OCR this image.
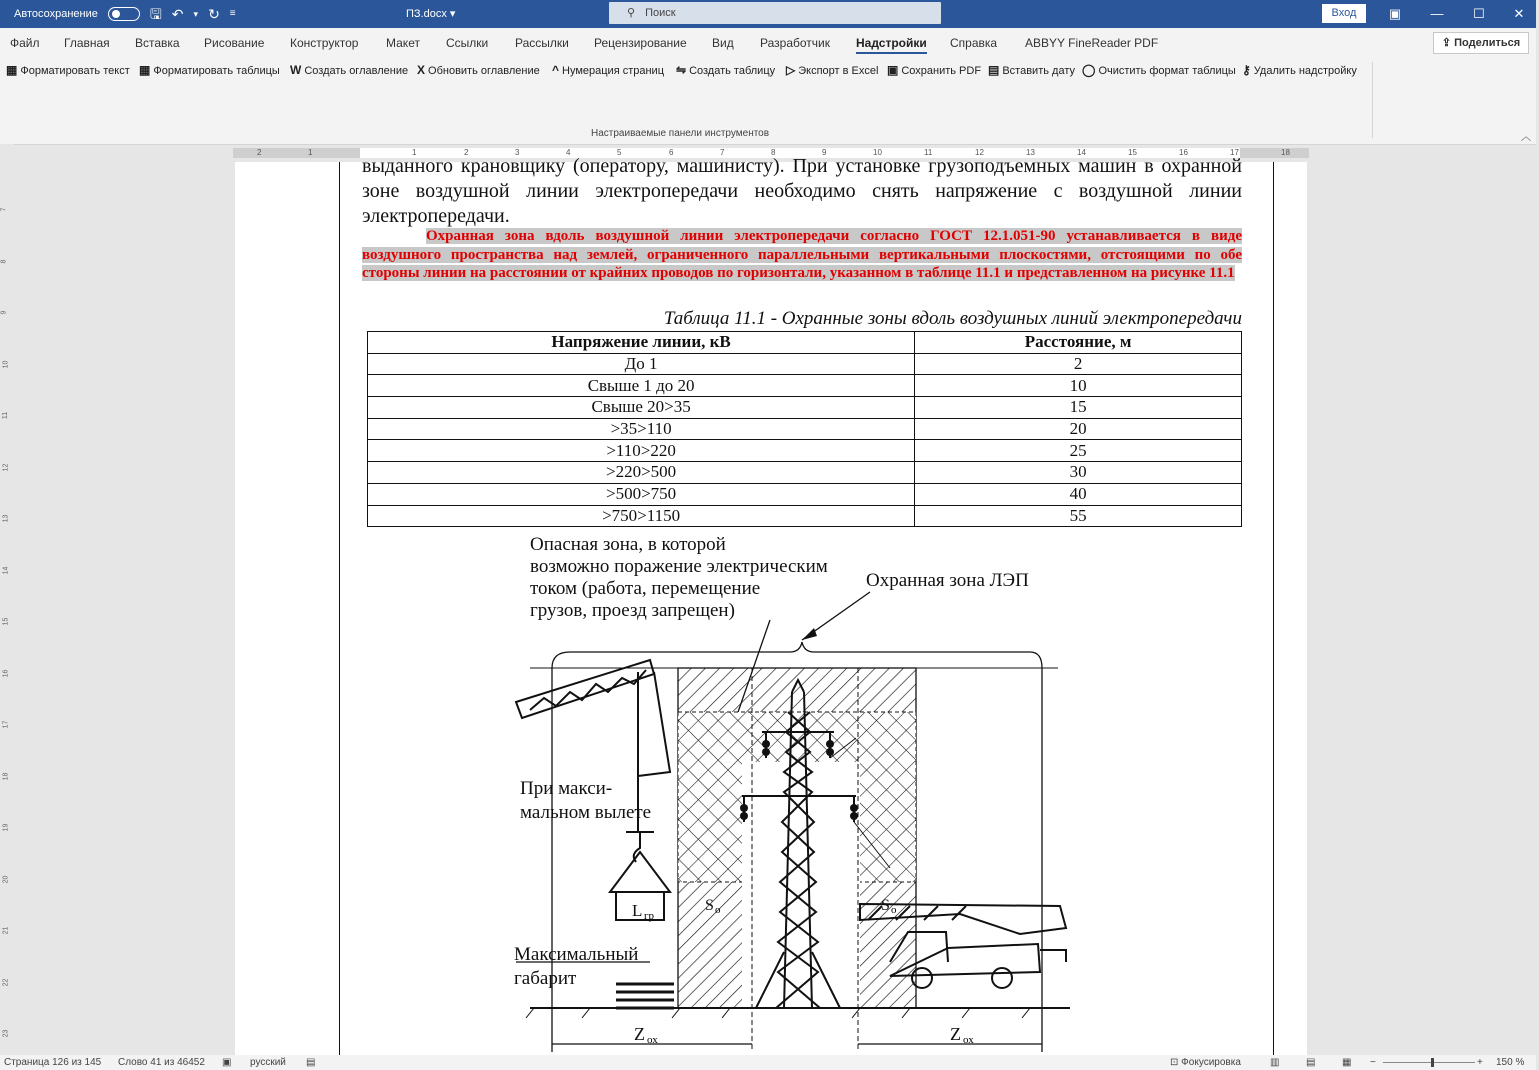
Автосохранение	🖫 ↶ ▾ ↻ ≡	ПЗ.docx ▾	⚲ Поиск	Вход	▣	—	☐	✕
Файл Главная Вставка Рисование Конструктор Макет Ссылки Рассылки Рецензирование Вид Разработчик Надстройки Справка ABBYY FineReader PDF	⇪ Поделиться
Настраиваемые панели инструментов	︿
▦ Форматировать текст ▦ Форматировать таблицы W Создать оглавление X Обновить оглавление ^ Нумерация страниц ⇋ Создать таблицу ▷ Экспорт в Excel ▣ Сохранить PDF ▤ Вставить дату ◯ Очистить формат таблицы ⚷ Удалить надстройку
7
8
9
10
11
12
13
14
15
16
17
18
19
20
21
22
23
2	1	1	2	3	4	5	6	7	8	9	10	11	12	13	14	15	16	17	18
выданного крановщику (оператору, машинисту). При установке грузоподъемных машин в охранной зоне воздушной линии электропередачи необходимо снять напряжение с воздушной линии электропередачи.
Охранная зона вдоль воздушной линии электропередачи согласно ГОСТ 12.1.051-90 устанавливается в виде воздушного пространства над землей, ограниченного параллельными вертикальными плоскостями, отстоящими по обе стороны линии на расстоянии от крайних проводов по горизонтали, указанном в таблице 11.1 и представленном на рисунке 11.1
Таблица 11.1 - Охранные зоны вдоль воздушных линий электропередачи
Напряжение линии, кВ	Расстояние, м
До 1	2
Свыше 1 до 20	10
Свыше 20>35	15
>35>110	20
>110>220	25
>220>500	30
>500>750	40
>750>1150	55
Опасная зона, в которой
возможно поражение электрическим
током (работа, перемещение
грузов, проезд запрещен)
Охранная зона ЛЭП
При макси-
мальном вылете
Максимальный
габарит
S	S
L
Z	Z
o	o
гр
ох	ох
Страница 126 из 145 Слово 41 из 46452 ▣ русский ▤	⊡ Фокусировка	▥	▤	▦ −	+ 150 %
